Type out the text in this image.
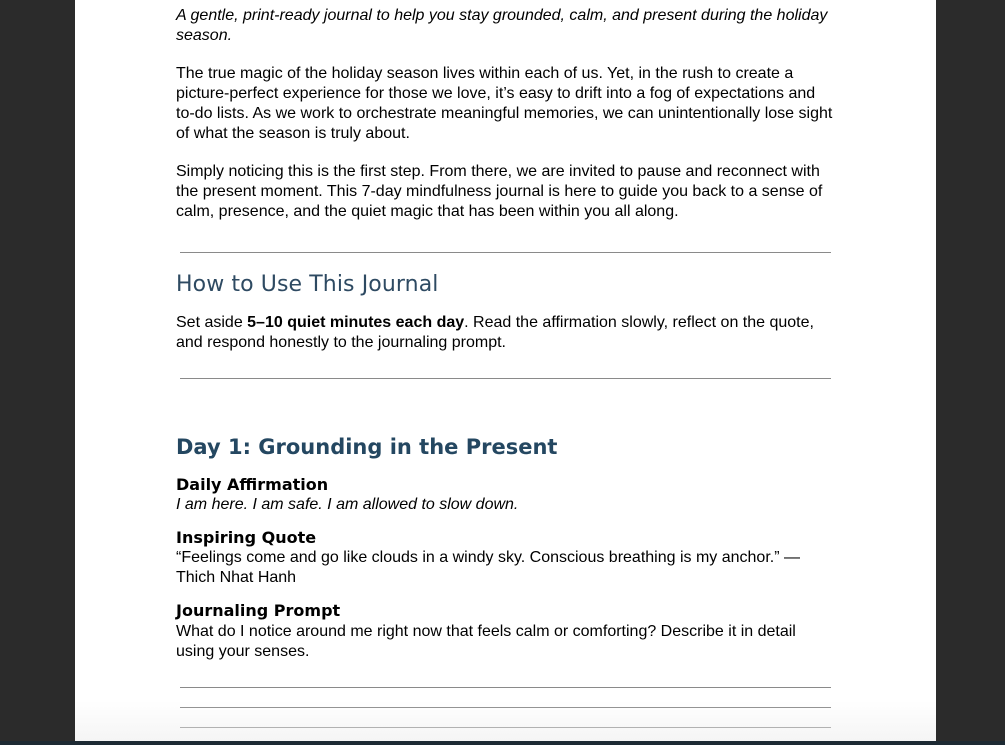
A gentle, print-ready journal to help you stay grounded, calm, and present during the holiday season.

The true magic of the holiday season lives within each of us. Yet, in the rush to create a picture-perfect experience for those we love, it’s easy to drift into a fog of expectations and to-do lists. As we work to orchestrate meaningful memories, we can unintentionally lose sight of what the season is truly about.

Simply noticing this is the first step. From there, we are invited to pause and reconnect with the present moment. This 7-day mindfulness journal is here to guide you back to a sense of calm, presence, and the quiet magic that has been within you all along.

How to Use This Journal

Set aside 5–10 quiet minutes each day. Read the affirmation slowly, reflect on the quote, and respond honestly to the journaling prompt.

Day 1: Grounding in the Present

Daily Affirmation

I am here. I am safe. I am allowed to slow down.

Inspiring Quote

“Feelings come and go like clouds in a windy sky. Conscious breathing is my anchor.” — Thich Nhat Hanh

Journaling Prompt

What do I notice around me right now that feels calm or comforting? Describe it in detail using your senses.
